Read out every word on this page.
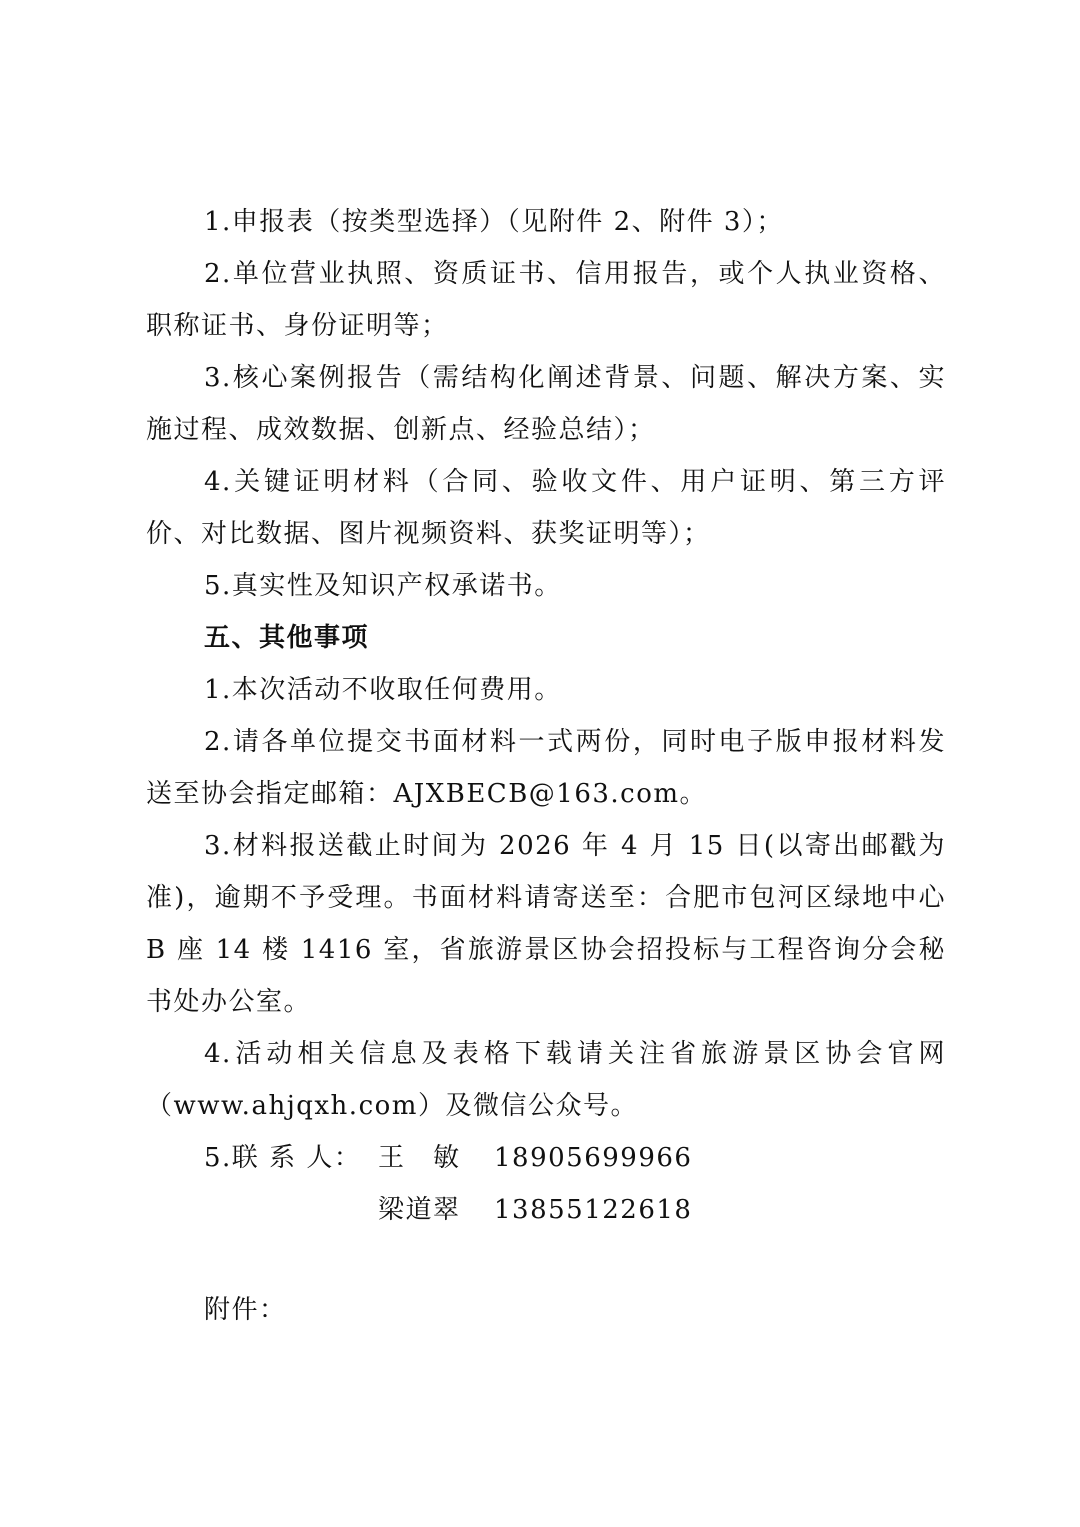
1.申报表（按类型选择）（见附件 2、附件 3）；

2.单位营业执照、资质证书、信用报告，或个人执业资格、职称证书、身份证明等；

3.核心案例报告（需结构化阐述背景、问题、解决方案、实施过程、成效数据、创新点、经验总结）；

4.关键证明材料（合同、验收文件、用户证明、第三方评价、对比数据、图片视频资料、获奖证明等）；

5.真实性及知识产权承诺书。

五、其他事项

1.本次活动不收取任何费用。

2.请各单位提交书面材料一式两份，同时电子版申报材料发送至协会指定邮箱：AJXBECB@163.com。

3.材料报送截止时间为 2026 年 4 月 15 日(以寄出邮戳为准)，逾期不予受理。书面材料请寄送至：合肥市包河区绿地中心 B 座 14 楼 1416 室，省旅游景区协会招投标与工程咨询分会秘书处办公室。

4.活动相关信息及表格下载请关注省旅游景区协会官网（www.ahjqxh.com）及微信公众号。

5.联 系 人： 王　敏 18905699966
梁道翠 13855122618

附件：
